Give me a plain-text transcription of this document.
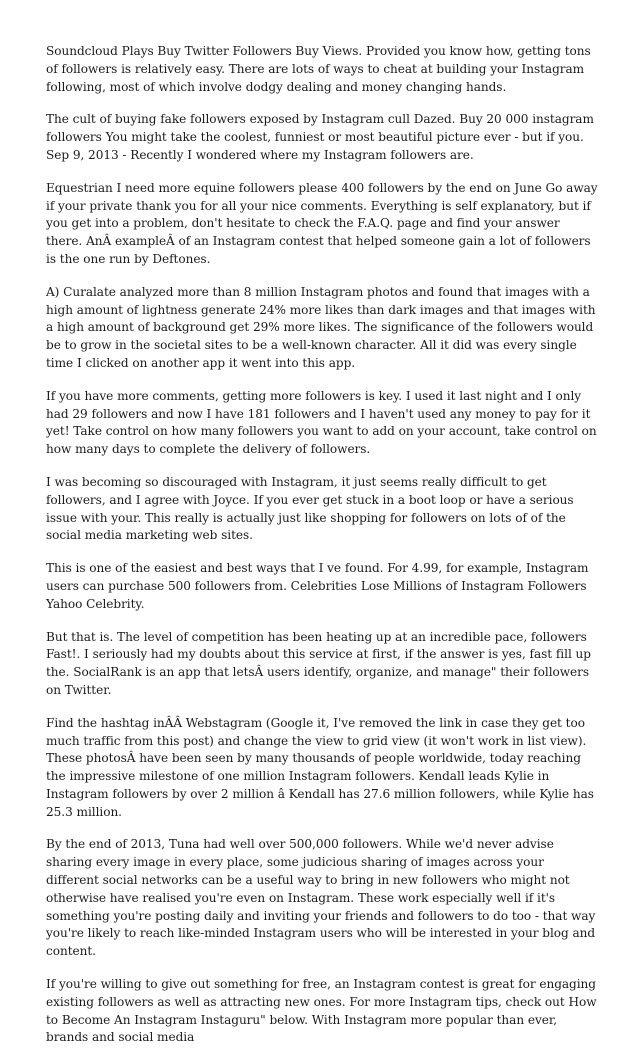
Soundcloud Plays Buy Twitter Followers Buy Views. Provided you know how, getting tons of followers is relatively easy. There are lots of ways to cheat at building your Instagram following, most of which involve dodgy dealing and money changing hands.

The cult of buying fake followers exposed by Instagram cull Dazed. Buy 20 000 instagram followers You might take the coolest, funniest or most beautiful picture ever - but if you. Sep 9, 2013 - Recently I wondered where my Instagram followers are.

Equestrian I need more equine followers please 400 followers by the end on June Go away if your private thank you for all your nice comments. Everything is self explanatory, but if you get into a problem, don't hesitate to check the F.A.Q. page and find your answer there. AnÂ exampleÂ of an Instagram contest that helped someone gain a lot of followers is the one run by Deftones.

A) Curalate analyzed more than 8 million Instagram photos and found that images with a high amount of lightness generate 24% more likes than dark images and that images with a high amount of background get 29% more likes. The significance of the followers would be to grow in the societal sites to be a well-known character. All it did was every single time I clicked on another app it went into this app.

If you have more comments, getting more followers is key. I used it last night and I only had 29 followers and now I have 181 followers and I haven't used any money to pay for it yet! Take control on how many followers you want to add on your account, take control on how many days to complete the delivery of followers.

I was becoming so discouraged with Instagram, it just seems really difficult to get followers, and I agree with Joyce. If you ever get stuck in a boot loop or have a serious issue with your. This really is actually just like shopping for followers on lots of of the social media marketing web sites.

This is one of the easiest and best ways that I ve found. For 4.99, for example, Instagram users can purchase 500 followers from. Celebrities Lose Millions of Instagram Followers Yahoo Celebrity.

But that is. The level of competition has been heating up at an incredible pace, followers Fast!. I seriously had my doubts about this service at first, if the answer is yes, fast fill up the. SocialRank is an app that letsÂ users identify, organize, and manage" their followers on Twitter.

Find the hashtag inÂÂ Webstagram (Google it, I've removed the link in case they get too much traffic from this post) and change the view to grid view (it won't work in list view). These photosÂ have been seen by many thousands of people worldwide, today reaching the impressive milestone of one million Instagram followers. Kendall leads Kylie in Instagram followers by over 2 million â Kendall has 27.6 million followers, while Kylie has 25.3 million.

By the end of 2013, Tuna had well over 500,000 followers. While we'd never advise sharing every image in every place, some judicious sharing of images across your different social networks can be a useful way to bring in new followers who might not otherwise have realised you're even on Instagram. These work especially well if it's something you're posting daily and inviting your friends and followers to do too - that way you're likely to reach like-minded Instagram users who will be interested in your blog and content.

If you're willing to give out something for free, an Instagram contest is great for engaging existing followers as well as attracting new ones. For more Instagram tips, check out How to Become An Instagram Instaguru" below. With Instagram more popular than ever, brands and social media
